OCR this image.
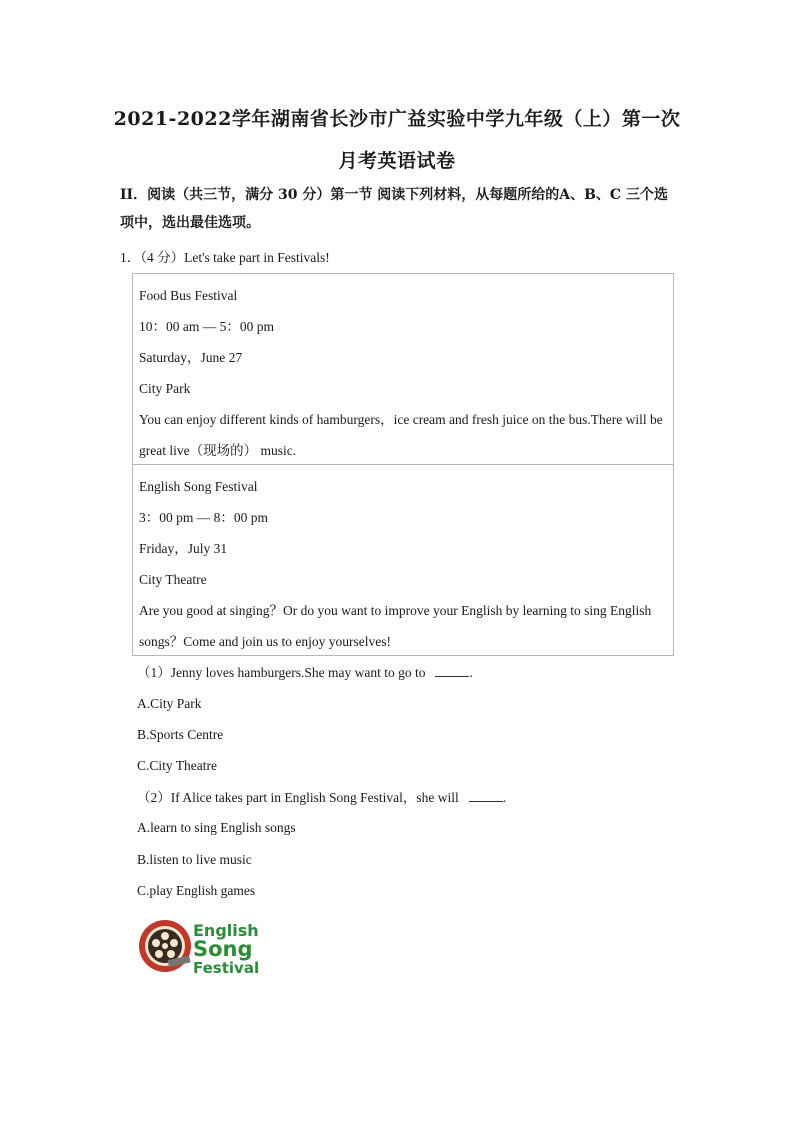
2021-2022学年湖南省长沙市广益实验中学九年级（上）第一次
月考英语试卷
II．阅读（共三节，满分 30 分）第一节 阅读下列材料，从每题所给的A、B、C 三个选项中，选出最佳选项。
1．（4 分）Let's take part in Festivals!
Food Bus Festival
10：00 am — 5：00 pm
Saturday，June 27
City Park
You can enjoy different kinds of hamburgers，ice cream and fresh juice on the bus.There will be great live（现场的） music.
English Song Festival
3：00 pm — 8：00 pm
Friday，July 31
City Theatre
Are you good at singing？Or do you want to improve your English by learning to sing English songs？Come and join us to enjoy yourselves!
（1）Jenny loves hamburgers.She may want to go to	.
A.City Park
B.Sports Centre
C.City Theatre
（2）If Alice takes part in English Song Festival，she will	.
A.learn to sing English songs
B.listen to live music
C.play English games
English
Song
Festival
